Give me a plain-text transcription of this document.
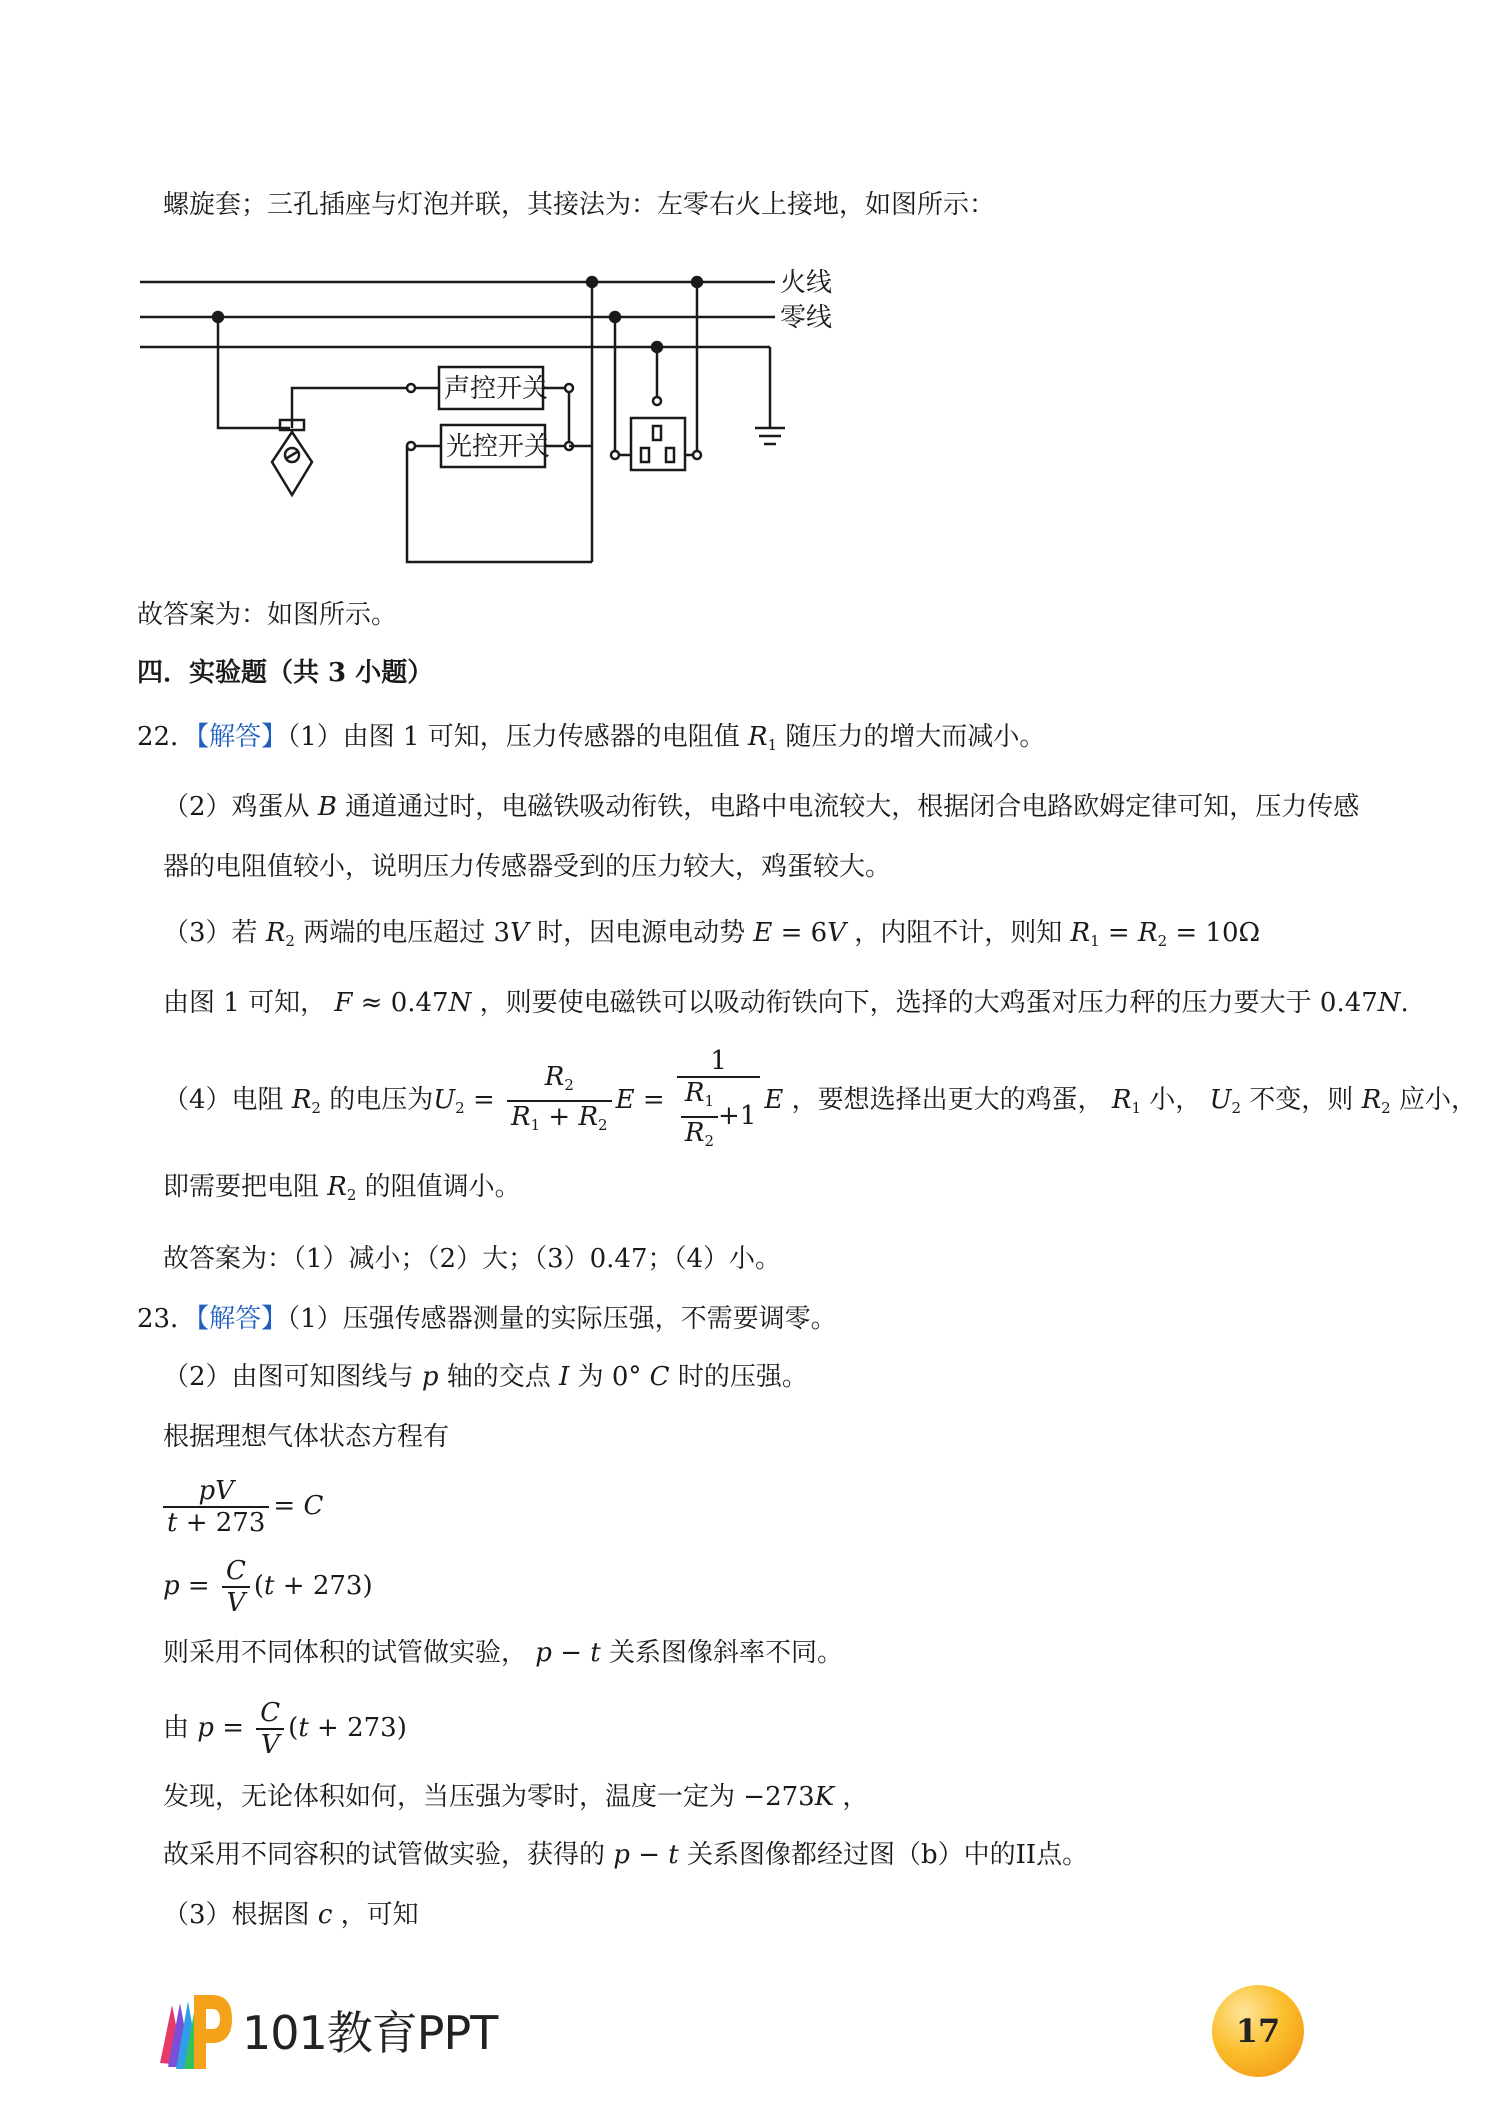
螺旋套；三孔插座与灯泡并联，其接法为：左零右火上接地，如图所示：
火线
零线
声控开关
光控开关
故答案为：如图所示。
四．实验题（共 3 小题）
22．【解答】（1）由图 1 可知，压力传感器的电阻值 $R_1$ 随压力的增大而减小。
（2）鸡蛋从 B 通道通过时，电磁铁吸动衔铁，电路中电流较大，根据闭合电路欧姆定律可知，压力传感
器的电阻值较小，说明压力传感器受到的压力较大，鸡蛋较大。
（3）若 $R_2$ 两端的电压超过 3V 时，因电源电动势 E = 6V ，内阻不计，则知 $R_1 = R_2 = 10\Omega$
由图 1 可知， F ≈ 0.47N ，则要使电磁铁可以吸动衔铁向下，选择的大鸡蛋对压力秤的压力要大于 0.47N.
（4）电阻 $R_2$ 的电压为$U_2 = \frac{R_2}{R_1 + R_2}$ $E = \frac{1}{\frac{R_1}{R_2} +1}$ E ，要想选择出更大的鸡蛋， $R_1$ 小， $U_2$ 不变，则 $R_2$ 应小，
即需要把电阻 $R_2$ 的阻值调小。
故答案为：（1）减小；（2）大；（3）0.47；（4）小。
23．【解答】（1）压强传感器测量的实际压强，不需要调零。
（2）由图可知图线与 p 轴的交点 I 为 0° C 时的压强。
根据理想气体状态方程有
$\frac{pV}{t + 273} = C$
$p = \frac{C}{V} (t + 273)$
则采用不同体积的试管做实验， p − t 关系图像斜率不同。
由 $p = \frac{C}{V} (t + 273)$
发现，无论体积如何，当压强为零时，温度一定为 −273K ，
故采用不同容积的试管做实验，获得的 p − t 关系图像都经过图（b）中的II点。
（3）根据图 c ，可知
101教育PPT	17
